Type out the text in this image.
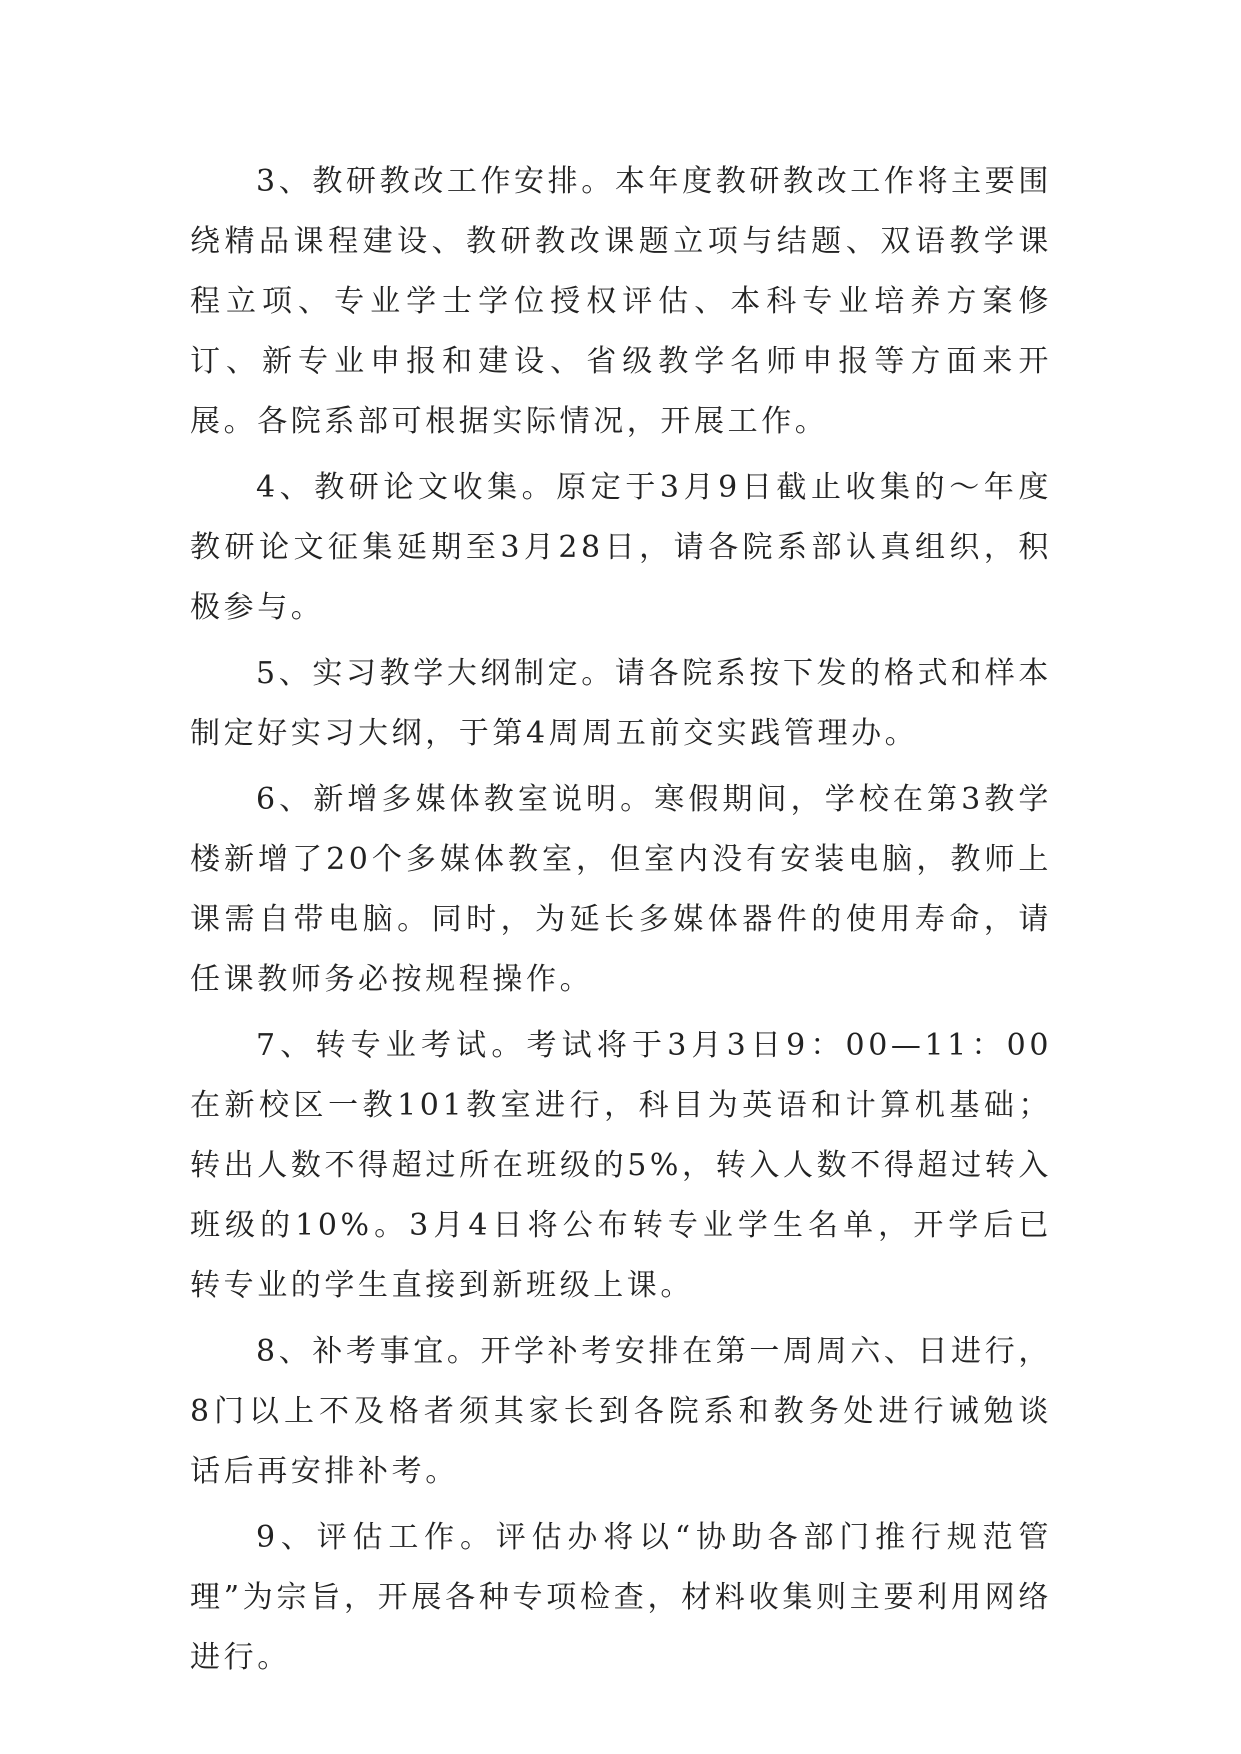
3、教研教改工作安排。本年度教研教改工作将主要围绕精品课程建设、教研教改课题立项与结题、双语教学课程立项、专业学士学位授权评估、本科专业培养方案修订、新专业申报和建设、省级教学名师申报等方面来开展。各院系部可根据实际情况，开展工作。

4、教研论文收集。原定于3月9日截止收集的～年度教研论文征集延期至3月28日，请各院系部认真组织，积极参与。

5、实习教学大纲制定。请各院系按下发的格式和样本制定好实习大纲，于第4周周五前交实践管理办。

6、新增多媒体教室说明。寒假期间，学校在第3教学楼新增了20个多媒体教室，但室内没有安装电脑，教师上课需自带电脑。同时，为延长多媒体器件的使用寿命，请任课教师务必按规程操作。

7、转专业考试。考试将于3月3日9：00—11：00在新校区一教101教室进行，科目为英语和计算机基础；转出人数不得超过所在班级的5%，转入人数不得超过转入班级的10%。3月4日将公布转专业学生名单，开学后已转专业的学生直接到新班级上课。

8、补考事宜。开学补考安排在第一周周六、日进行，8门以上不及格者须其家长到各院系和教务处进行诫勉谈话后再安排补考。

9、评估工作。评估办将以“协助各部门推行规范管理”为宗旨，开展各种专项检查，材料收集则主要利用网络进行。
